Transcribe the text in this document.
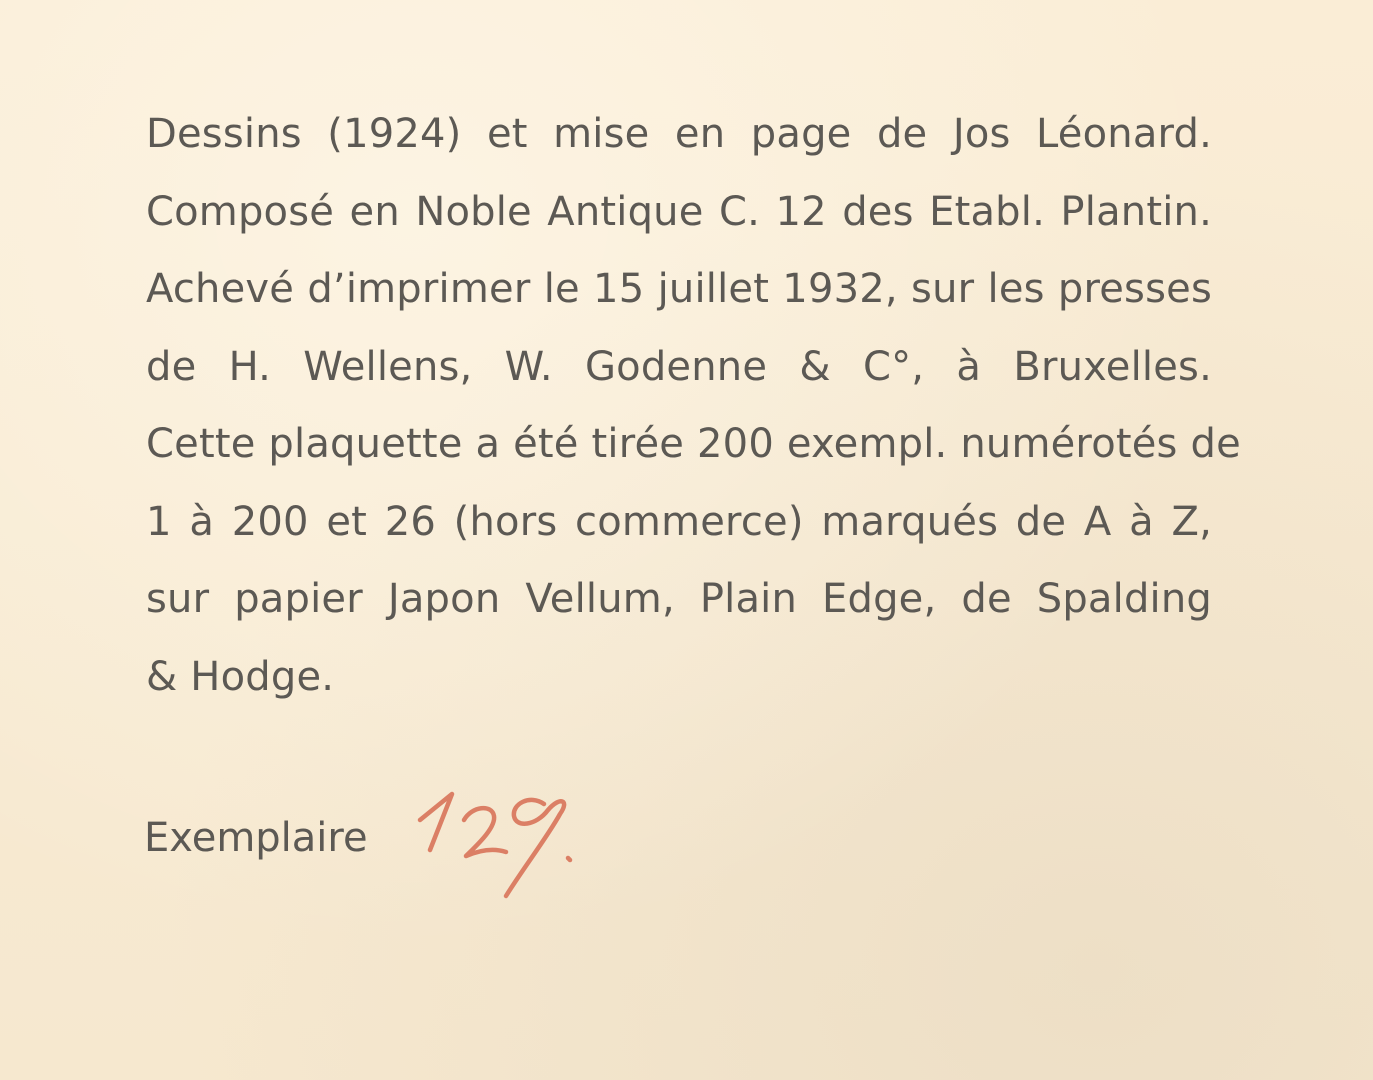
Dessins (1924) et mise en page de Jos Léonard.
Composé en Noble Antique C. 12 des Etabl. Plantin.
Achevé d’imprimer le 15 juillet 1932, sur les presses
de H. Wellens, W. Godenne & C°, à Bruxelles.
Cette plaquette a été tirée 200 exempl. numérotés de
1 à 200 et 26 (hors commerce) marqués de A à Z,
sur papier Japon Vellum, Plain Edge, de Spalding
& Hodge.

Exemplaire
